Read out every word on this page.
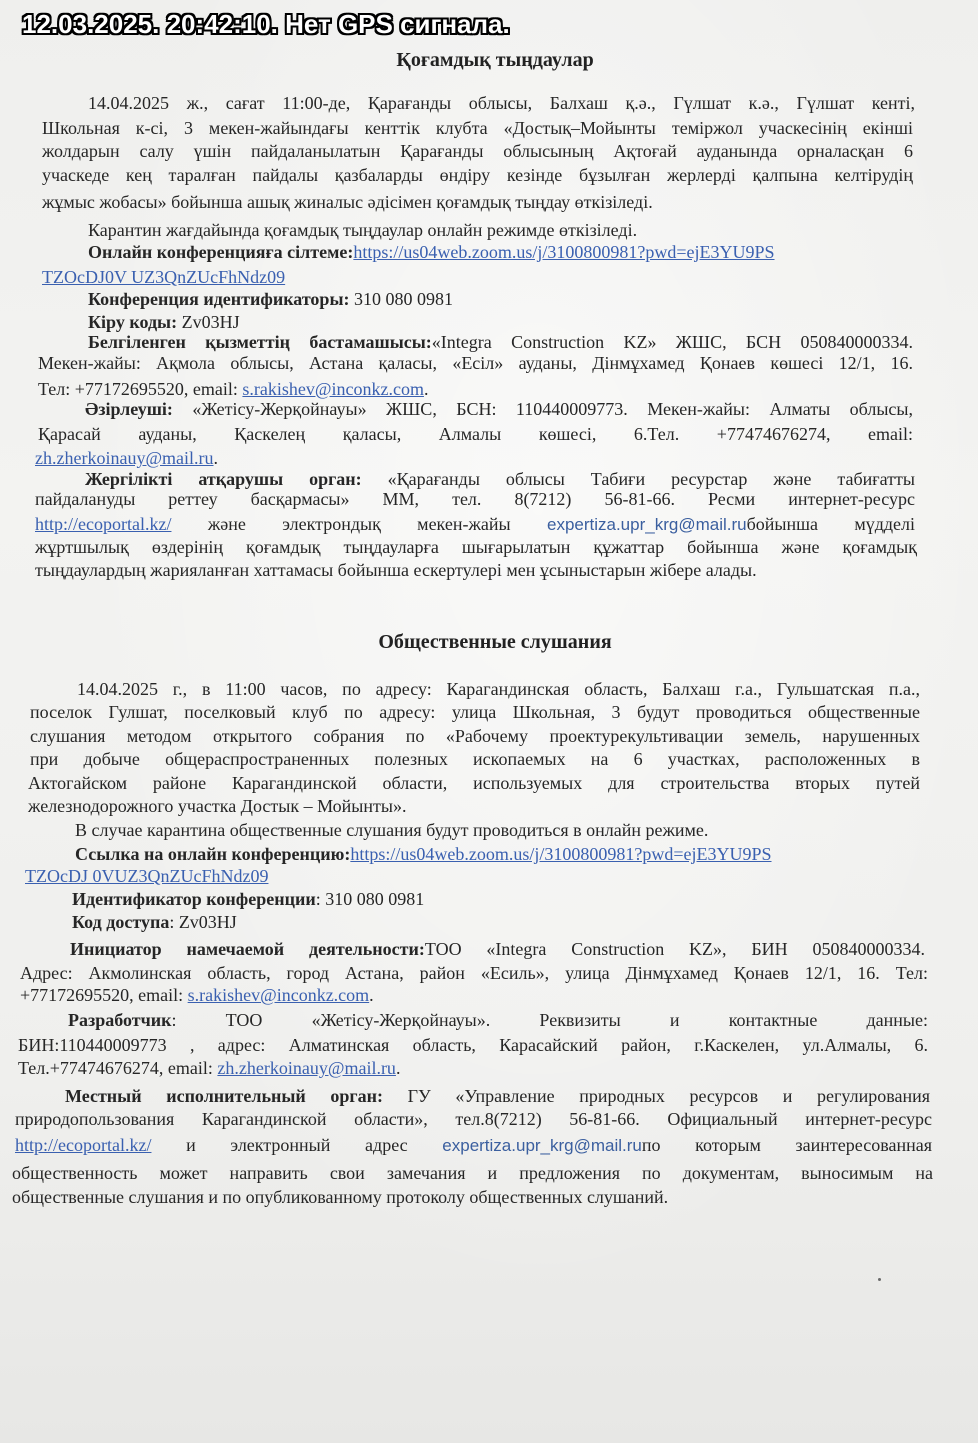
12.03.2025. 20:42:10. Нет GPS сигнала.
Қоғамдық тыңдаулар
14.04.2025 ж., сағат 11:00-де, Қарағанды облысы, Балхаш қ.ә., Гүлшат к.ә., Гүлшат кенті,
Школьная к-сі, 3 мекен-жайындағы кенттік клубта «Достық–Мойынты теміржол учаскесінің екінші
жолдарын салу үшін пайдаланылатын Қарағанды облысының Ақтоғай ауданында орналасқан 6
учаскеде кең таралған пайдалы қазбаларды өндіру кезінде бұзылған жерлерді қалпына келтірудің
жұмыс жобасы» бойынша ашық жиналыс әдісімен қоғамдық тыңдау өткізіледі.
Карантин жағдайында қоғамдық тыңдаулар онлайн режимде өткізіледі.
Онлайн конференцияға сілтеме:https://us04web.zoom.us/j/3100800981?pwd=ejE3YU9PS
TZOcDJ0V UZ3QnZUcFhNdz09
Конференция идентификаторы: 310 080 0981
Кіру коды: Zv03HJ
Белгіленген қызметтің бастамашысы:«Integra Construction KZ» ЖШС, БСН 050840000334.
Мекен-жайы: Ақмола облысы, Астана қаласы, «Есіл» ауданы, Дінмұхамед Қонаев көшесі 12/1, 16.
Тел: +77172695520, email: s.rakishev@inconkz.com.
Әзірлеуші: «Жетісу-Жерқойнауы» ЖШС, БСН: 110440009773. Мекен-жайы: Алматы облысы,
Қарасай ауданы, Қаскелең қаласы, Алмалы көшесі, 6.Тел. +77474676274, email:
zh.zherkoinauy@mail.ru.
Жергілікті атқарушы орган: «Қарағанды облысы Табиғи ресурстар және табиғатты
пайдалануды реттеу басқармасы» ММ, тел. 8(7212) 56-81-66. Ресми интернет-ресурс
http://ecoportal.kz/ және электрондық мекен-жайы expertiza.upr_krg@mail.ruбойынша мүдделі
жұртшылық өздерінің қоғамдық тыңдауларға шығарылатын құжаттар бойынша және қоғамдық
тыңдаулардың жарияланған хаттамасы бойынша ескертулері мен ұсыныстарын жібере алады.
Общественные слушания
14.04.2025 г., в 11:00 часов, по адресу: Карагандинская область, Балхаш г.а., Гульшатская п.а.,
поселок Гулшат, поселковый клуб по адресу: улица Школьная, 3 будут проводиться общественные
слушания методом открытого собрания по «Рабочему проектурекультивации земель, нарушенных
при добыче общераспространенных полезных ископаемых на 6 участках, расположенных в
Актогайском районе Карагандинской области, используемых для строительства вторых путей
железнодорожного участка Достык – Мойынты».
В случае карантина общественные слушания будут проводиться в онлайн режиме.
Ссылка на онлайн конференцию:https://us04web.zoom.us/j/3100800981?pwd=ejE3YU9PS
TZOcDJ 0VUZ3QnZUcFhNdz09
Идентификатор конференции: 310 080 0981
Код доступа: Zv03HJ
Инициатор намечаемой деятельности:ТОО «Integra Construction KZ», БИН 050840000334.
Адрес: Акмолинская область, город Астана, район «Есиль», улица Дінмұхамед Қонаев 12/1, 16. Тел:
+77172695520, email: s.rakishev@inconkz.com.
Разработчик: ТОО «Жетісу-Жерқойнауы». Реквизиты и контактные данные:
БИН:110440009773 , адрес: Алматинская область, Карасайский район, г.Каскелен, ул.Алмалы, 6.
Тел.+77474676274, email: zh.zherkoinauy@mail.ru.
Местный исполнительный орган: ГУ «Управление природных ресурсов и регулирования
природопользования Карагандинской области», тел.8(7212) 56-81-66. Официальный интернет-ресурс
http://ecoportal.kz/ и электронный адрес expertiza.upr_krg@mail.ruпо которым заинтересованная
общественность может направить свои замечания и предложения по документам, выносимым на
общественные слушания и по опубликованному протоколу общественных слушаний.
